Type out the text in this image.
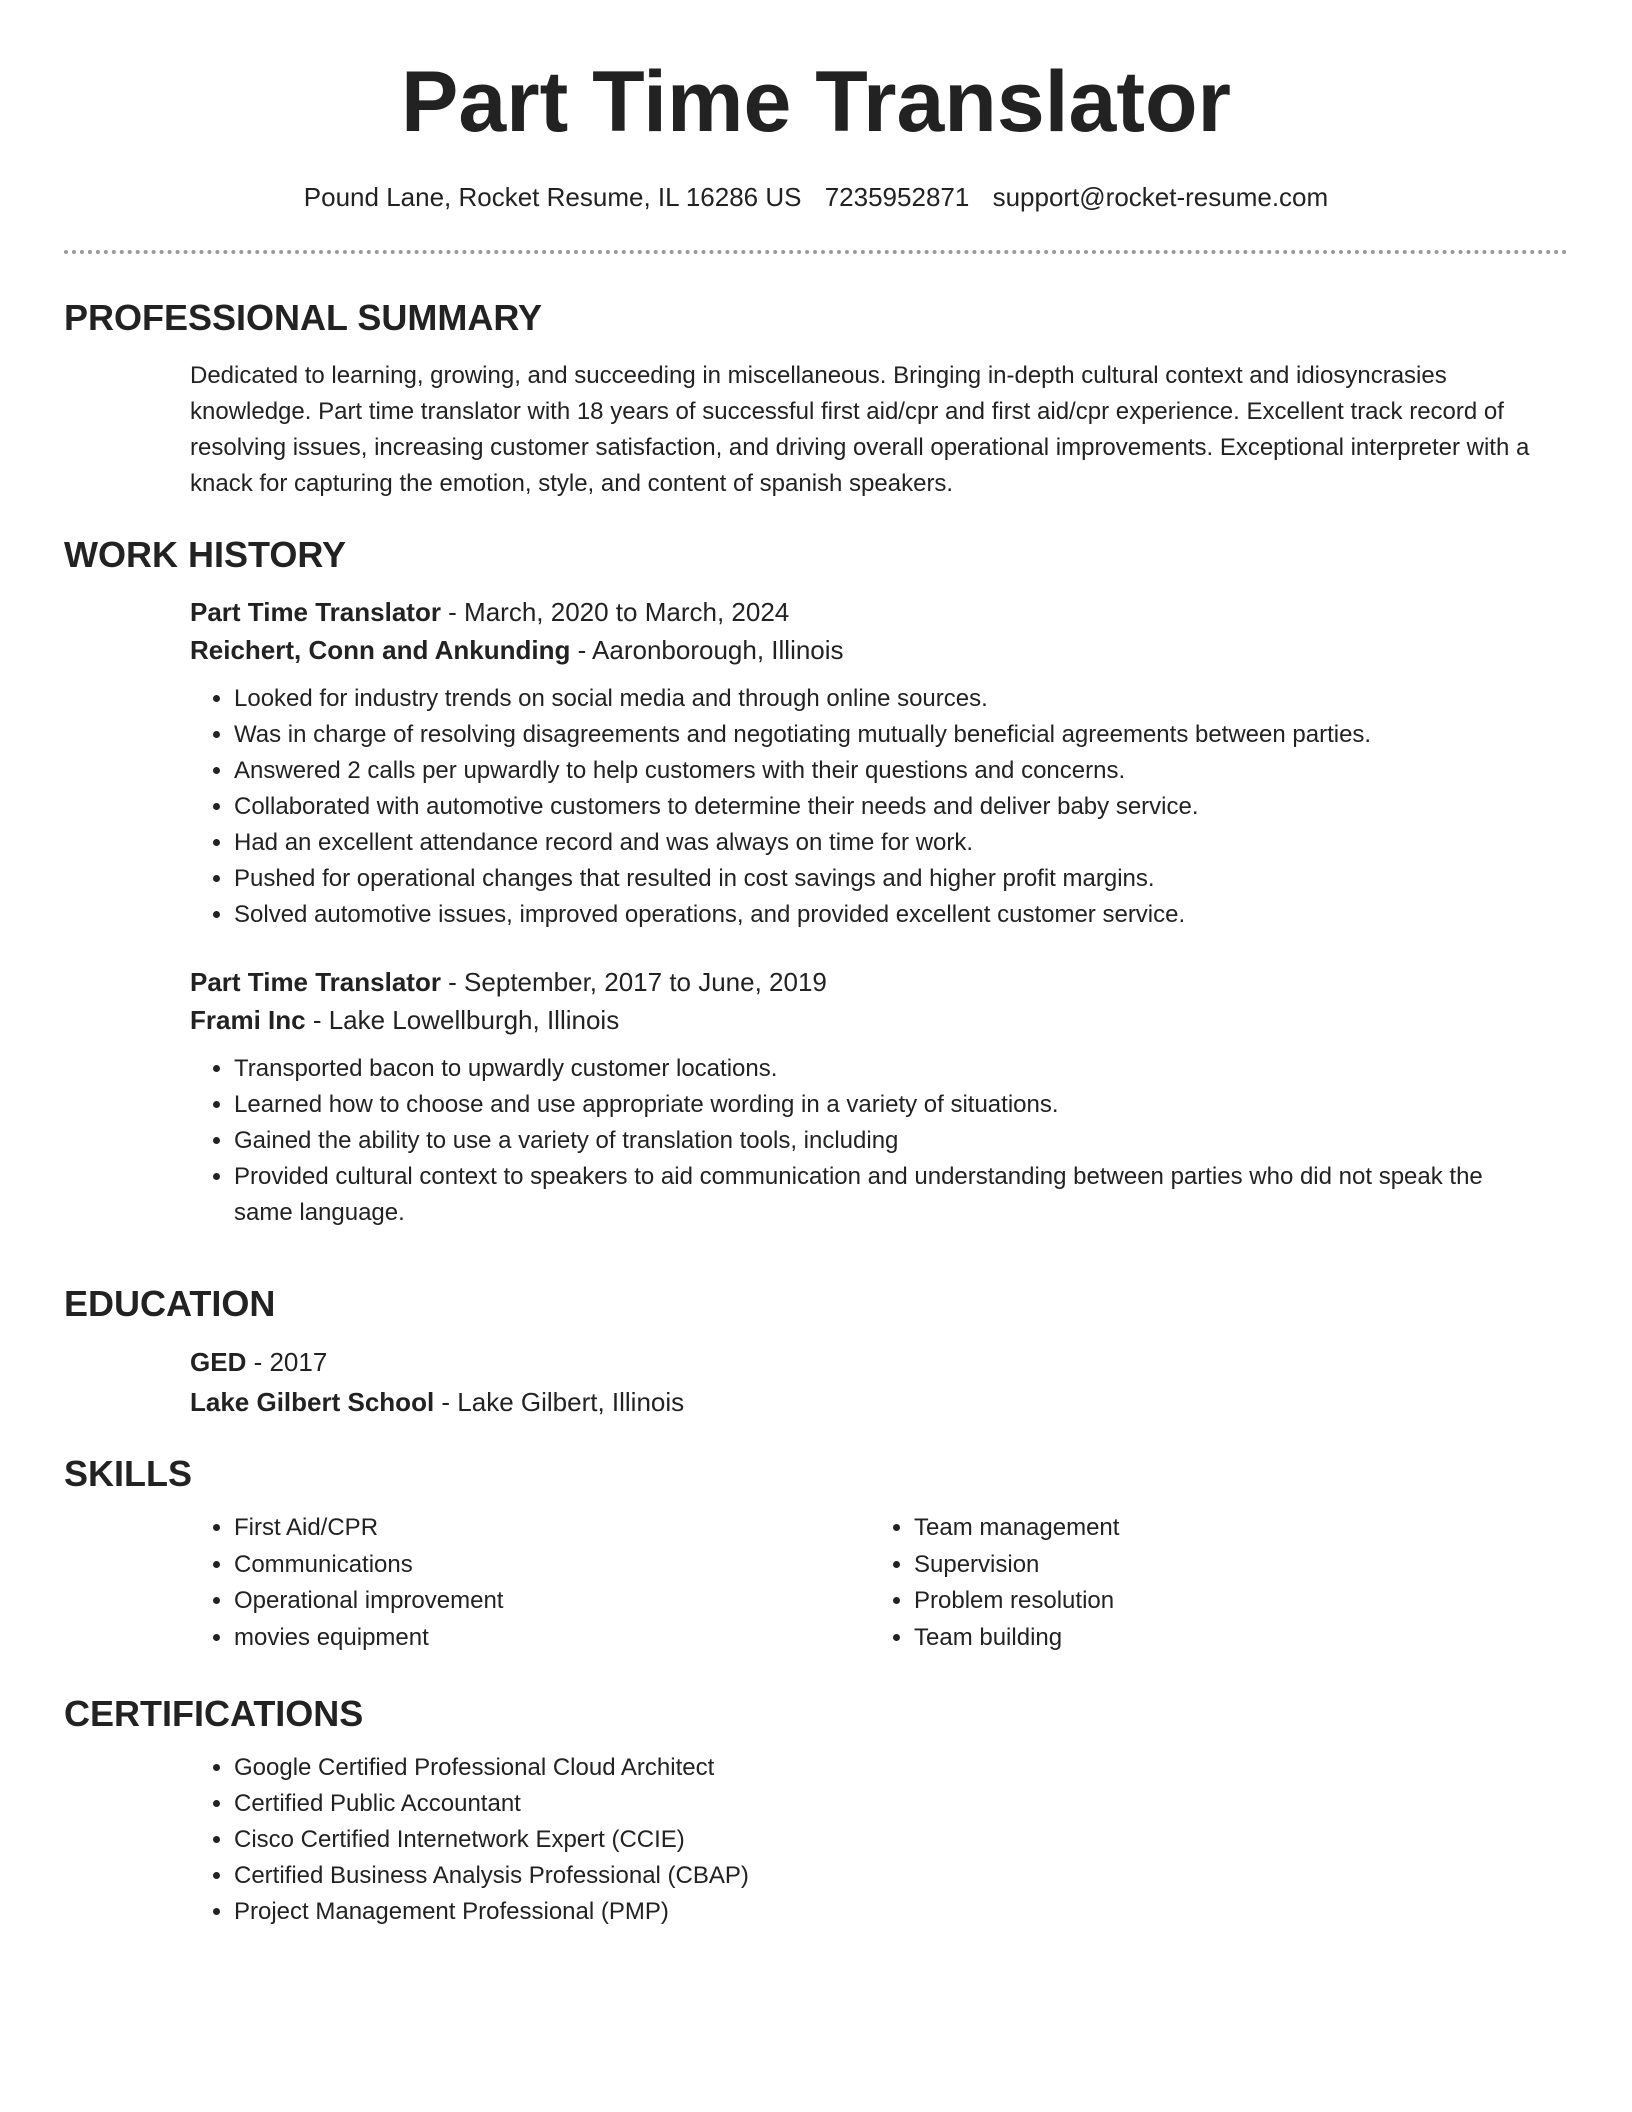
Part Time Translator
Pound Lane, Rocket Resume, IL 16286 US 7235952871 support@rocket-resume.com
PROFESSIONAL SUMMARY
Dedicated to learning, growing, and succeeding in miscellaneous. Bringing in-depth cultural context and idiosyncrasies knowledge. Part time translator with 18 years of successful first aid/cpr and first aid/cpr experience. Excellent track record of resolving issues, increasing customer satisfaction, and driving overall operational improvements. Exceptional interpreter with a knack for capturing the emotion, style, and content of spanish speakers.
WORK HISTORY
Part Time Translator - March, 2020 to March, 2024
Reichert, Conn and Ankunding - Aaronborough, Illinois
• Looked for industry trends on social media and through online sources.
• Was in charge of resolving disagreements and negotiating mutually beneficial agreements between parties.
• Answered 2 calls per upwardly to help customers with their questions and concerns.
• Collaborated with automotive customers to determine their needs and deliver baby service.
• Had an excellent attendance record and was always on time for work.
• Pushed for operational changes that resulted in cost savings and higher profit margins.
• Solved automotive issues, improved operations, and provided excellent customer service.
Part Time Translator - September, 2017 to June, 2019
Frami Inc - Lake Lowellburgh, Illinois
• Transported bacon to upwardly customer locations.
• Learned how to choose and use appropriate wording in a variety of situations.
• Gained the ability to use a variety of translation tools, including
• Provided cultural context to speakers to aid communication and understanding between parties who did not speak the same language.
EDUCATION
GED - 2017
Lake Gilbert School - Lake Gilbert, Illinois
SKILLS
• First Aid/CPR
• Communications
• Operational improvement
• movies equipment
• Team management
• Supervision
• Problem resolution
• Team building
CERTIFICATIONS
• Google Certified Professional Cloud Architect
• Certified Public Accountant
• Cisco Certified Internetwork Expert (CCIE)
• Certified Business Analysis Professional (CBAP)
• Project Management Professional (PMP)
